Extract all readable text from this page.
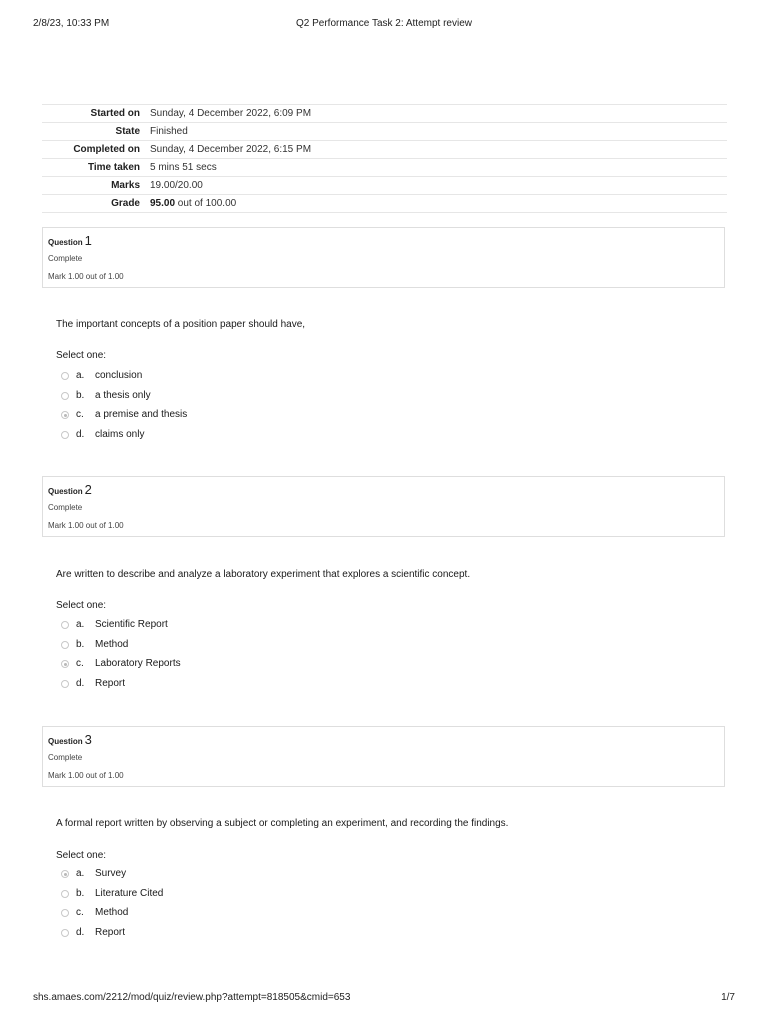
2/8/23, 10:33 PM	Q2 Performance Task 2: Attempt review
Started on	Sunday, 4 December 2022, 6:09 PM
State	Finished
Completed on	Sunday, 4 December 2022, 6:15 PM
Time taken	5 mins 51 secs
Marks	19.00/20.00
Grade	95.00 out of 100.00
Question 1
Complete
Mark 1.00 out of 1.00
The important concepts of a position paper should have,
Select one:
a. conclusion
b. a thesis only
c. a premise and thesis
d. claims only
Question 2
Complete
Mark 1.00 out of 1.00
Are written to describe and analyze a laboratory experiment that explores a scientific concept.
Select one:
a. Scientific Report
b. Method
c. Laboratory Reports
d. Report
Question 3
Complete
Mark 1.00 out of 1.00
A formal report written by observing a subject or completing an experiment, and recording the findings.
Select one:
a. Survey
b. Literature Cited
c. Method
d. Report
shs.amaes.com/2212/mod/quiz/review.php?attempt=818505&cmid=653	1/7
